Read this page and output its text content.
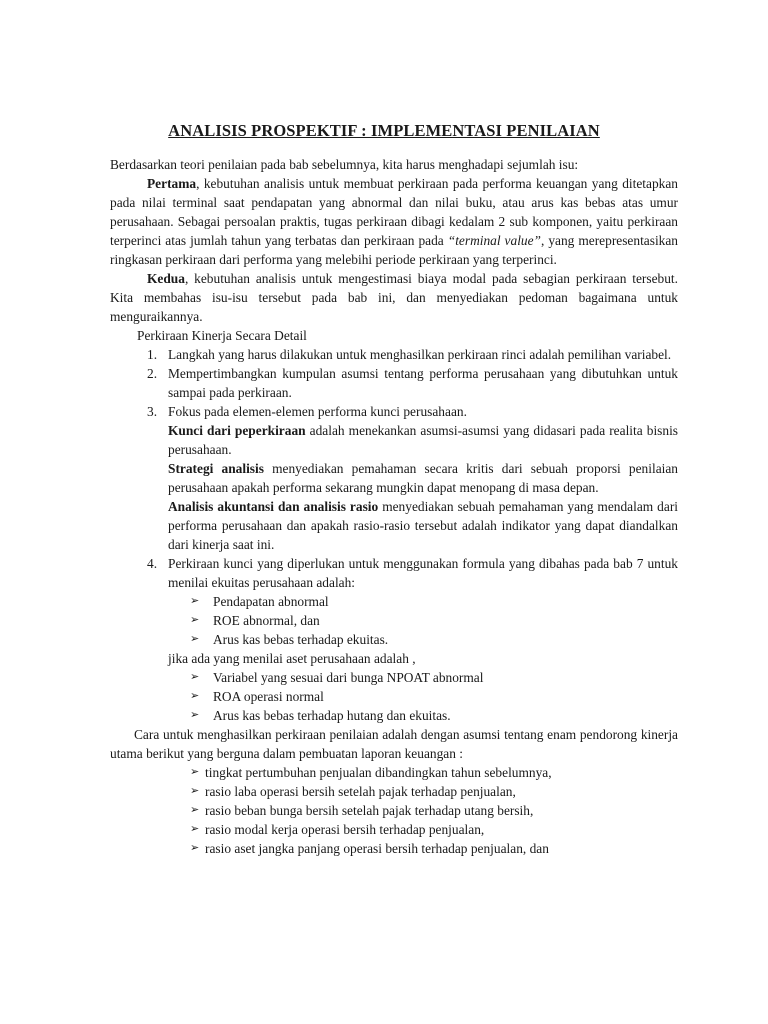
ANALISIS PROSPEKTIF : IMPLEMENTASI PENILAIAN

Berdasarkan teori penilaian pada bab sebelumnya, kita harus menghadapi sejumlah isu:

Pertama, kebutuhan analisis untuk membuat perkiraan pada performa keuangan yang ditetapkan pada nilai terminal saat pendapatan yang abnormal dan nilai buku, atau arus kas bebas atas umur perusahaan. Sebagai persoalan praktis, tugas perkiraan dibagi kedalam 2 sub komponen, yaitu perkiraan terperinci atas jumlah tahun yang terbatas dan perkiraan pada “terminal value”, yang merepresentasikan ringkasan perkiraan dari performa yang melebihi periode perkiraan yang terperinci.

Kedua, kebutuhan analisis untuk mengestimasi biaya modal pada sebagian perkiraan tersebut. Kita membahas isu-isu tersebut pada bab ini, dan menyediakan pedoman bagaimana untuk menguraikannya.

Perkiraan Kinerja Secara Detail
1. Langkah yang harus dilakukan untuk menghasilkan perkiraan rinci adalah pemilihan variabel.
2. Mempertimbangkan kumpulan asumsi tentang performa perusahaan yang dibutuhkan untuk sampai pada perkiraan.
3. Fokus pada elemen-elemen performa kunci perusahaan.

Kunci dari peperkiraan adalah menekankan asumsi-asumsi yang didasari pada realita bisnis perusahaan.

Strategi analisis menyediakan pemahaman secara kritis dari sebuah proporsi penilaian perusahaan apakah performa sekarang mungkin dapat menopang di masa depan.

Analisis akuntansi dan analisis rasio menyediakan sebuah pemahaman yang mendalam dari performa perusahaan dan apakah rasio-rasio tersebut adalah indikator yang dapat diandalkan dari kinerja saat ini.

4. Perkiraan kunci yang diperlukan untuk menggunakan formula yang dibahas pada bab 7 untuk menilai ekuitas perusahaan adalah:
➢ Pendapatan abnormal
➢ ROE abnormal, dan
➢ Arus kas bebas terhadap ekuitas.

jika ada yang menilai aset perusahaan adalah ,

➢ Variabel yang sesuai dari bunga NPOAT abnormal
➢ ROA operasi normal
➢ Arus kas bebas terhadap hutang dan ekuitas.

Cara untuk menghasilkan perkiraan penilaian adalah dengan asumsi tentang enam pendorong kinerja utama berikut yang berguna dalam pembuatan laporan keuangan :

➢ tingkat pertumbuhan penjualan dibandingkan tahun sebelumnya,
➢ rasio laba operasi bersih setelah pajak terhadap penjualan,
➢ rasio beban bunga bersih setelah pajak terhadap utang bersih,
➢ rasio modal kerja operasi bersih terhadap penjualan,
➢ rasio aset jangka panjang operasi bersih terhadap penjualan, dan
